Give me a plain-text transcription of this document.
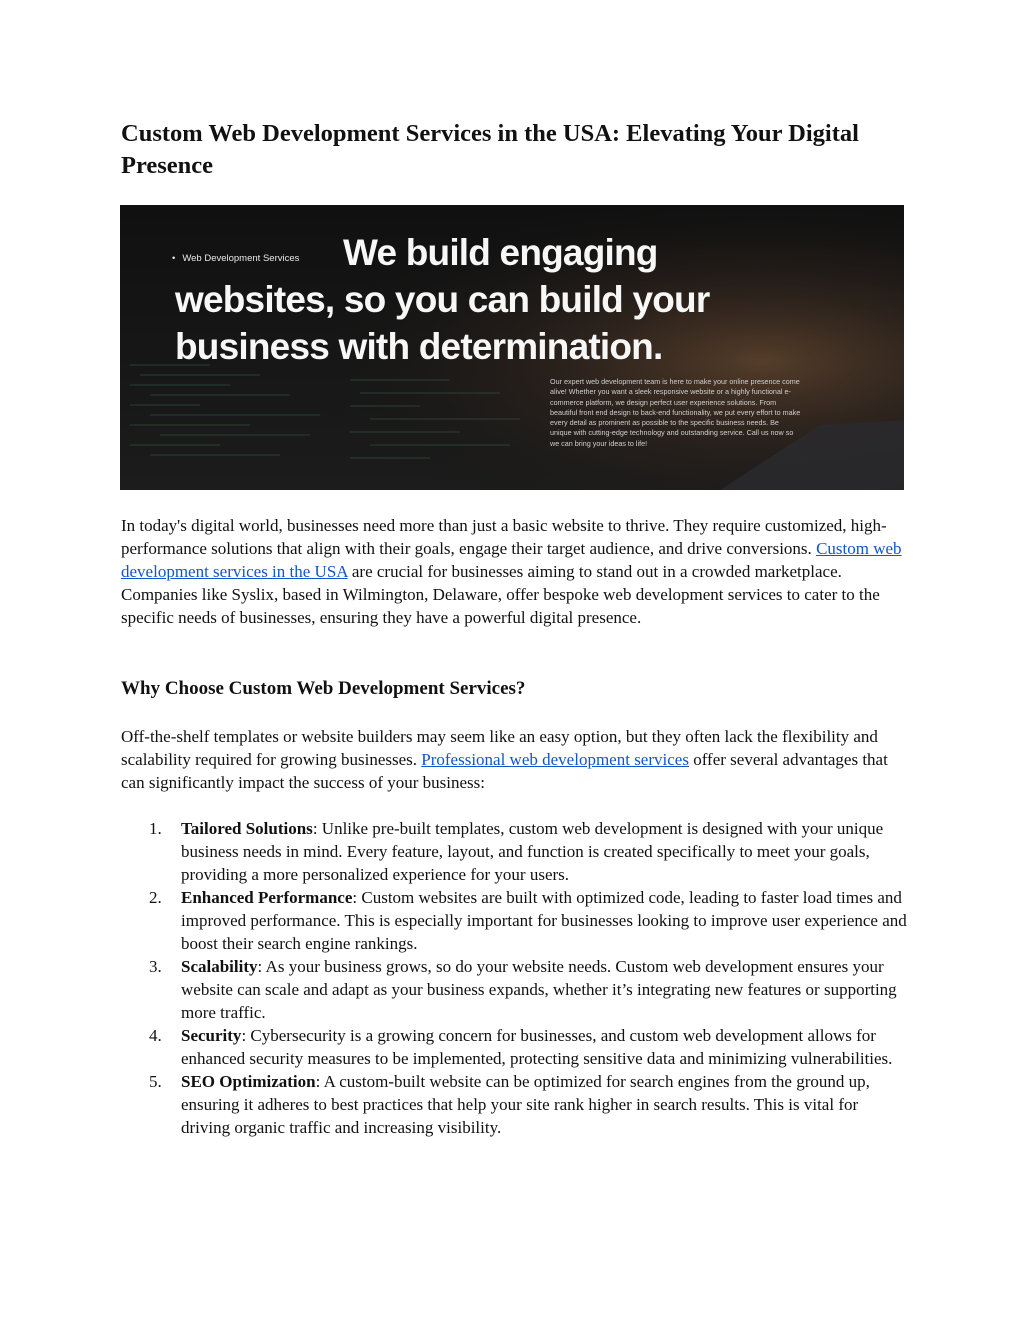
Custom Web Development Services in the USA: Elevating Your Digital Presence
• Web Development Services	We build engaging
websites, so you can build your
business with determination.
Our expert web development team is here to make your online presence come alive! Whether you want a sleek responsive website or a highly functional e-commerce platform, we design perfect user experience solutions. From beautiful front end design to back-end functionality, we put every effort to make every detail as prominent as possible to the specific business needs. Be unique with cutting-edge technology and outstanding service. Call us now so we can bring your ideas to life!

In today's digital world, businesses need more than just a basic website to thrive. They require customized, high-performance solutions that align with their goals, engage their target audience, and drive conversions. Custom web development services in the USA are crucial for businesses aiming to stand out in a crowded marketplace. Companies like Syslix, based in Wilmington, Delaware, offer bespoke web development services to cater to the specific needs of businesses, ensuring they have a powerful digital presence.

Why Choose Custom Web Development Services?

Off-the-shelf templates or website builders may seem like an easy option, but they often lack the flexibility and scalability required for growing businesses. Professional web development services offer several advantages that can significantly impact the success of your business:

1. Tailored Solutions: Unlike pre-built templates, custom web development is designed with your unique business needs in mind. Every feature, layout, and function is created specifically to meet your goals, providing a more personalized experience for your users.
2. Enhanced Performance: Custom websites are built with optimized code, leading to faster load times and improved performance. This is especially important for businesses looking to improve user experience and boost their search engine rankings.
3. Scalability: As your business grows, so do your website needs. Custom web development ensures your website can scale and adapt as your business expands, whether it’s integrating new features or supporting more traffic.
4. Security: Cybersecurity is a growing concern for businesses, and custom web development allows for enhanced security measures to be implemented, protecting sensitive data and minimizing vulnerabilities.
5. SEO Optimization: A custom-built website can be optimized for search engines from the ground up, ensuring it adheres to best practices that help your site rank higher in search results. This is vital for driving organic traffic and increasing visibility.
